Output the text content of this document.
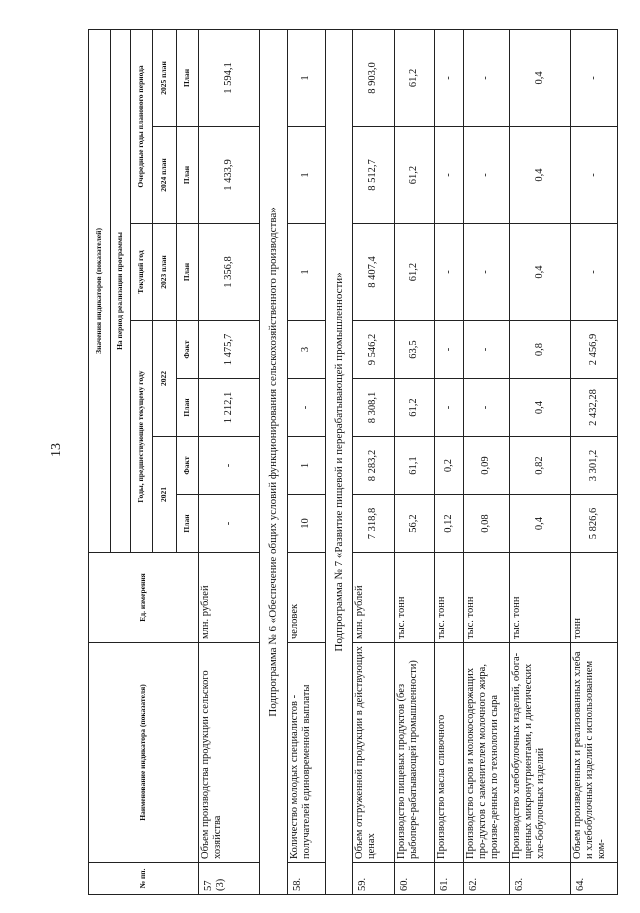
13
№ пп.	Наименование индикатора (показателя)	Ед. измерения	Значения индикаторов (показателей)						
			На период реализации программы						
			Годы, предшествующие текущему году				Текущий год	Очередные годы планового периода	
			2021		2022		2023 план	2024 план	2025 план
			План	Факт	План	Факт	План	План	План
57 (3)	Объем производства продукции сельского хозяйства	млн. рублей	-	-	1 212,1	1 475,7	1 356,8	1 433,9	1 594,1
Подпрограмма № 6 «Обеспечение общих условий функционирования сельскохозяйственного производства»									
58.	Количество молодых специалистов - получателей единовременной выплаты	человек	10	1	-	3	1	1	1
Подпрограмма № 7 «Развитие пищевой и перерабатывающей промышленности»									
59.	Объем отгруженной продукции в действующих ценах	млн. рублей	7 318,8	8 283,2	8 308,1	9 546,2	8 407,4	8 512,7	8 903,0
60.	Производство пищевых продуктов (без рыбопере-рабатывающей промышленности)	тыс. тонн	56,2	61,1	61,2	63,5	61,2	61,2	61,2
61.	Производство масла сливочного	тыс. тонн	0,12	0,2	-	-	-	-	-
62.	Производство сыров и молокосодержащих про-дуктов с заменителем молочного жира, произве-денных по технологии сыра	тыс. тонн	0,08	0,09	-	-	-	-	-
63.	Производство хлебобулочных изделий, обога-щенных микронутриентами, и диетических хле-бобулочных изделий	тыс. тонн	0,4	0,82	0,4	0,8	0,4	0,4	0,4
64.	Объем произведенных и реализованных хлеба и хлебобулочных изделий с использованием ком-	тонн	5 826,6	3 301,2	2 432,28	2 456,9	-	-	-
